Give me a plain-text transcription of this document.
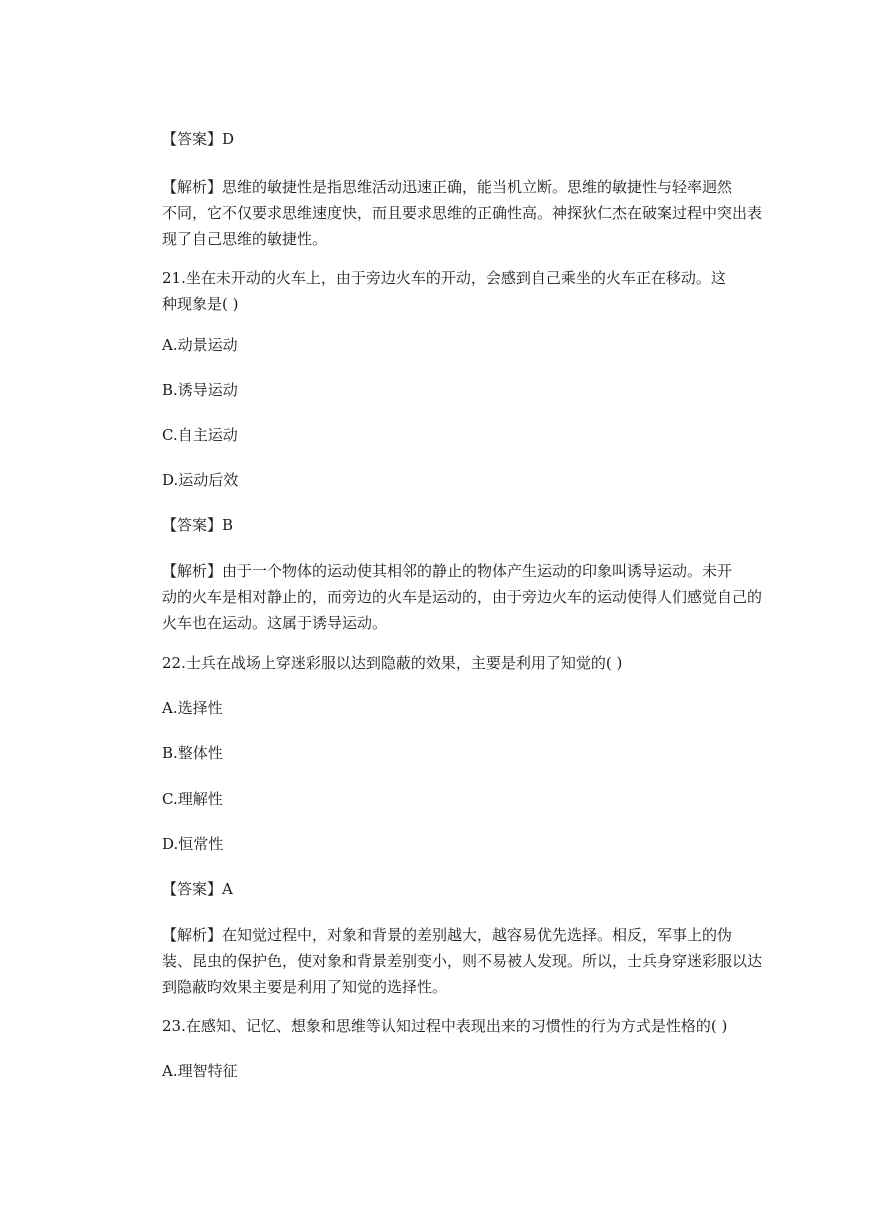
【答案】D
【解析】思维的敏捷性是指思维活动迅速正确，能当机立断。思维的敏捷性与轻率迥然
不同，它不仅要求思维速度快，而且要求思维的正确性高。神探狄仁杰在破案过程中突出表
现了自己思维的敏捷性。
21.坐在未开动的火车上，由于旁边火车的开动，会感到自己乘坐的火车正在移动。这
种现象是( )
A.动景运动
B.诱导运动
C.自主运动
D.运动后效
【答案】B
【解析】由于一个物体的运动使其相邻的静止的物体产生运动的印象叫诱导运动。未开
动的火车是相对静止的，而旁边的火车是运动的，由于旁边火车的运动使得人们感觉自己的
火车也在运动。这属于诱导运动。
22.士兵在战场上穿迷彩服以达到隐蔽的效果，主要是利用了知觉的( )
A.选择性
B.整体性
C.理解性
D.恒常性
【答案】A
【解析】在知觉过程中，对象和背景的差别越大，越容易优先选择。相反，军事上的伪
装、昆虫的保护色，使对象和背景差别变小，则不易被人发现。所以，士兵身穿迷彩服以达
到隐蔽昀效果主要是利用了知觉的选择性。
23.在感知、记忆、想象和思维等认知过程中表现出来的习惯性的行为方式是性格的( )
A.理智特征
